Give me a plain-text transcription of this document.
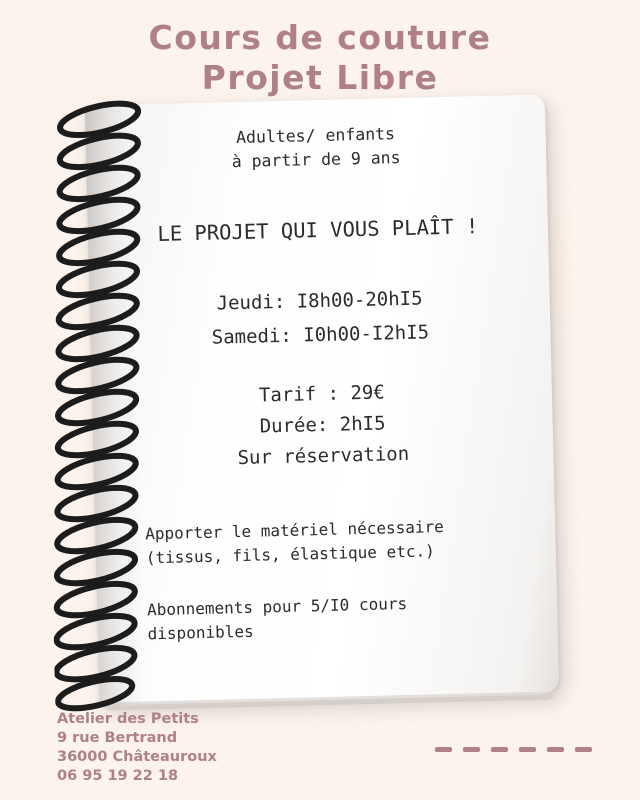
Cours de couture
Projet Libre
Adultes/ enfants
à partir de 9 ans
LE PROJET QUI VOUS PLAÎT !
Jeudi: I8h00-20hI5
Samedi: I0h00-I2hI5
Tarif : 29€
Durée: 2hI5
Sur réservation
Apporter le matériel nécessaire
(tissus, fils, élastique etc.)
Abonnements pour 5/I0 cours
disponibles
Atelier des Petits
9 rue Bertrand
36000 Châteauroux
06 95 19 22 18
